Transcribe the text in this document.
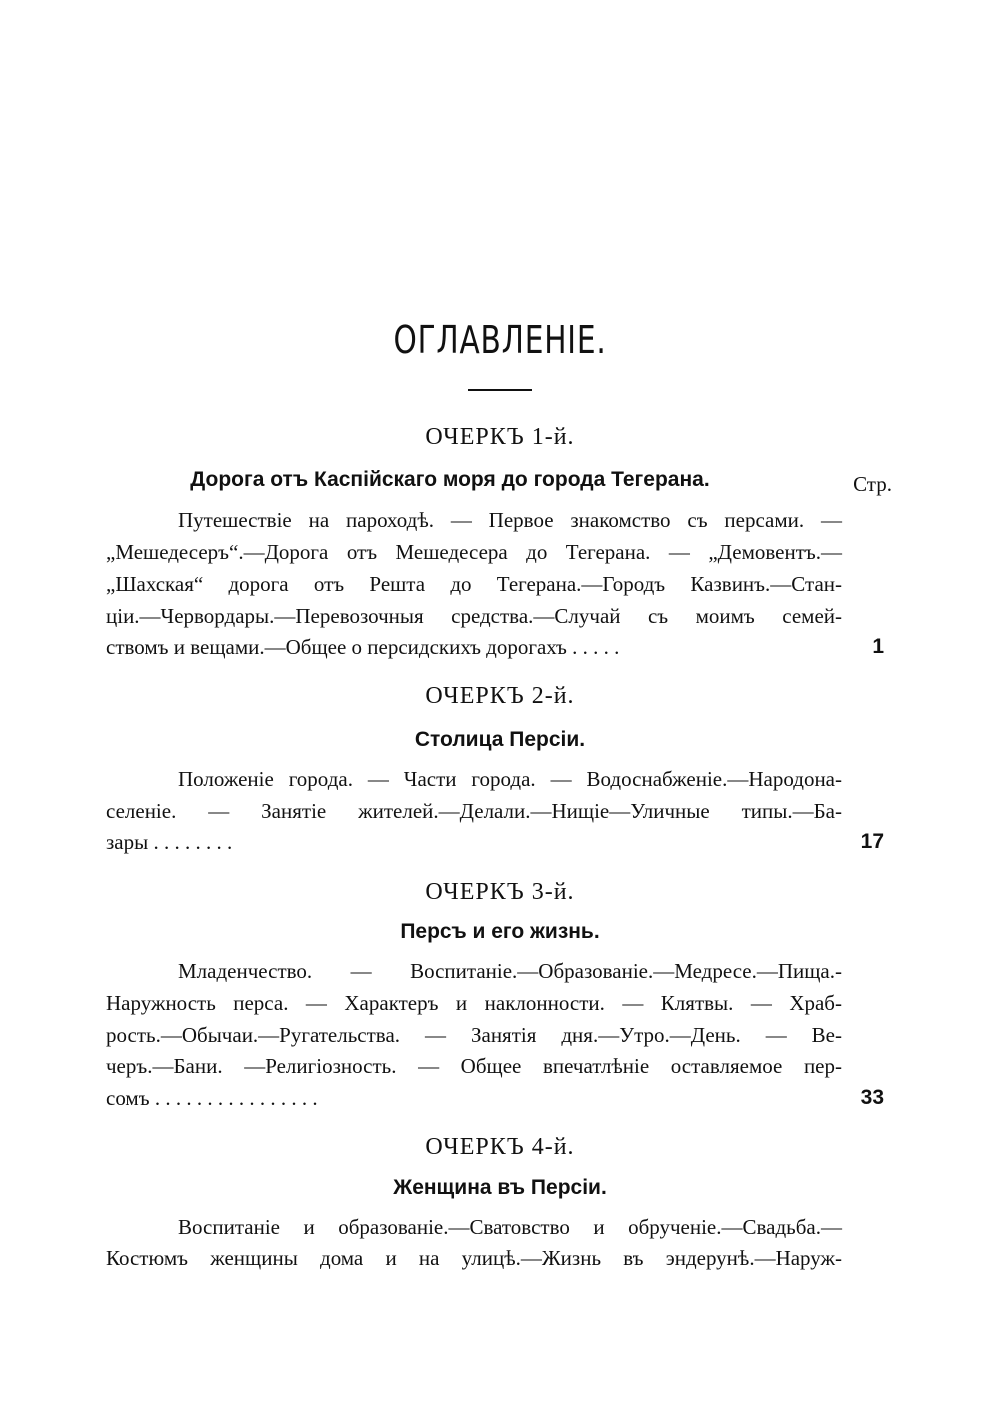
ОГЛАВЛЕНІЕ.
ОЧЕРКЪ 1-й.
Дорога отъ Каспійскаго моря до города Тегерана.	Стр.
Путешествіе на пароходѣ. — Первое знакомство съ персами. —
„Мешедесеръ“.—Дорога отъ Мешедесера до Тегерана. — „Демовентъ.—
„Шахская“ дорога отъ Решта до Тегерана.—Городъ Казвинъ.—Стан-
ціи.—Червордары.—Перевозочныя средства.—Случай съ моимъ семей-
ствомъ и вещами.—Общее о персидскихъ дорогахъ . . . . .	1
ОЧЕРКЪ 2-й.
Столица Персіи.
Положеніе города. — Части города. — Водоснабженіе.—Народона-
селеніе. — Занятіе жителей.—Делали.—Нищіе—Уличные типы.—Ба-
зары . . . . . . . .	17
ОЧЕРКЪ 3-й.
Персъ и его жизнь.
Младенчество. — Воспитаніе.—Образованіе.—Медресе.—Пища.-
Наружность перса. — Характеръ и наклонности. — Клятвы. — Храб-
рость.—Обычаи.—Ругательства. — Занятія дня.—Утро.—День. — Ве-
черъ.—Бани. —Религіозность. — Общее впечатлѣніе оставляемое пер-
сомъ . . . . . . . . . . . . . . . .	33
ОЧЕРКЪ 4-й.
Женщина въ Персіи.
Воспитаніе и образованіе.—Сватовство и обрученіе.—Свадьба.—
Костюмъ женщины дома и на улицѣ.—Жизнь въ эндерунѣ.—Наруж-
